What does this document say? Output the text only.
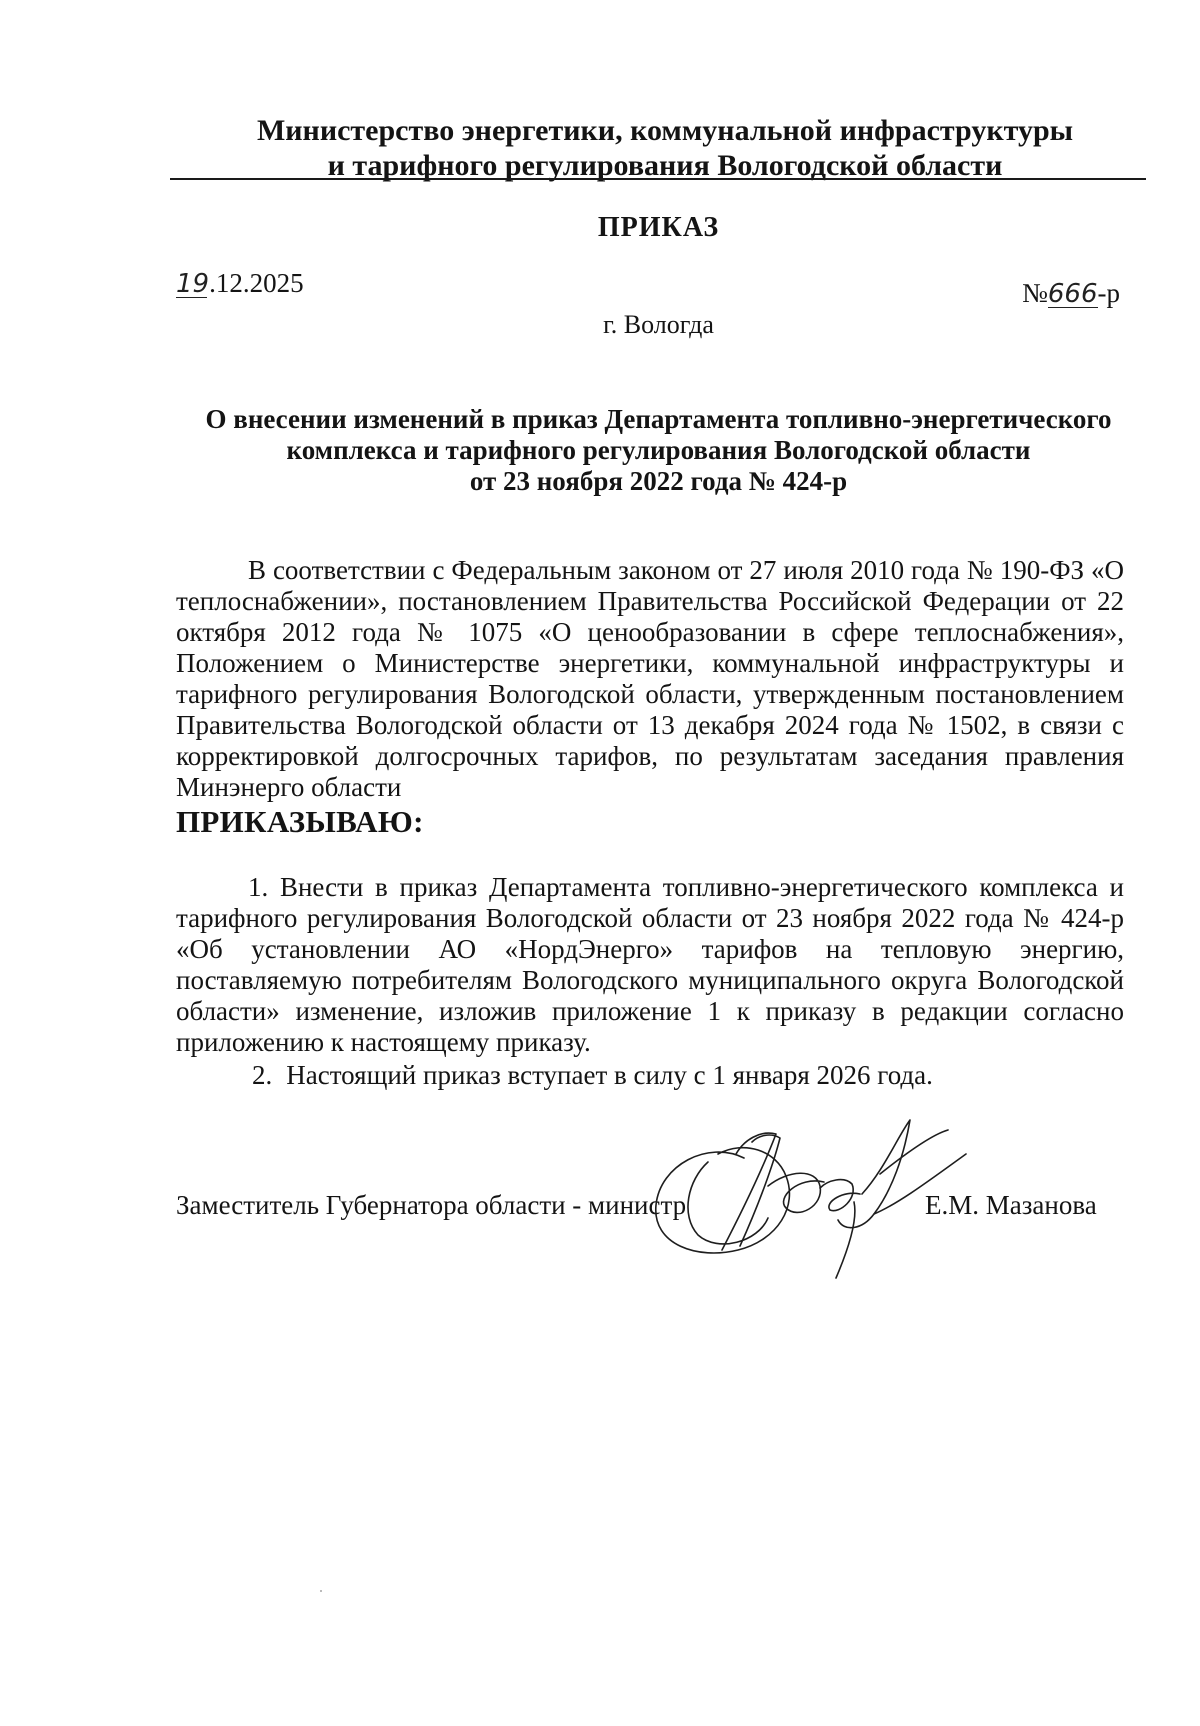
Министерство энергетики, коммунальной инфраструктуры
и тарифного регулирования Вологодской области
ПРИКАЗ
19.12.2025	№666-р
г. Вологда
О внесении изменений в приказ Департамента топливно-энергетического
комплекса и тарифного регулирования Вологодской области
от 23 ноября 2022 года № 424-р
В соответствии с Федеральным законом от 27 июля 2010 года № 190-ФЗ «О теплоснабжении», постановлением Правительства Российской Федерации от 22 октября 2012 года № 1075 «О ценообразовании в сфере теплоснабжения», Положением о Министерстве энергетики, коммунальной инфраструктуры и тарифного регулирования Вологодской области, утвержденным постановлением Правительства Вологодской области от 13 декабря 2024 года № 1502, в связи с корректировкой долгосрочных тарифов, по результатам заседания правления Минэнерго области
ПРИКАЗЫВАЮ:
1. Внести в приказ Департамента топливно-энергетического комплекса и тарифного регулирования Вологодской области от 23 ноября 2022 года № 424-р «Об установлении АО «НордЭнерго» тарифов на тепловую энергию, поставляемую потребителям Вологодского муниципального округа Вологодской области» изменение, изложив приложение 1 к приказу в редакции согласно приложению к настоящему приказу.
2. Настоящий приказ вступает в силу с 1 января 2026 года.
Заместитель Губернатора области - министр	Е.М. Мазанова
